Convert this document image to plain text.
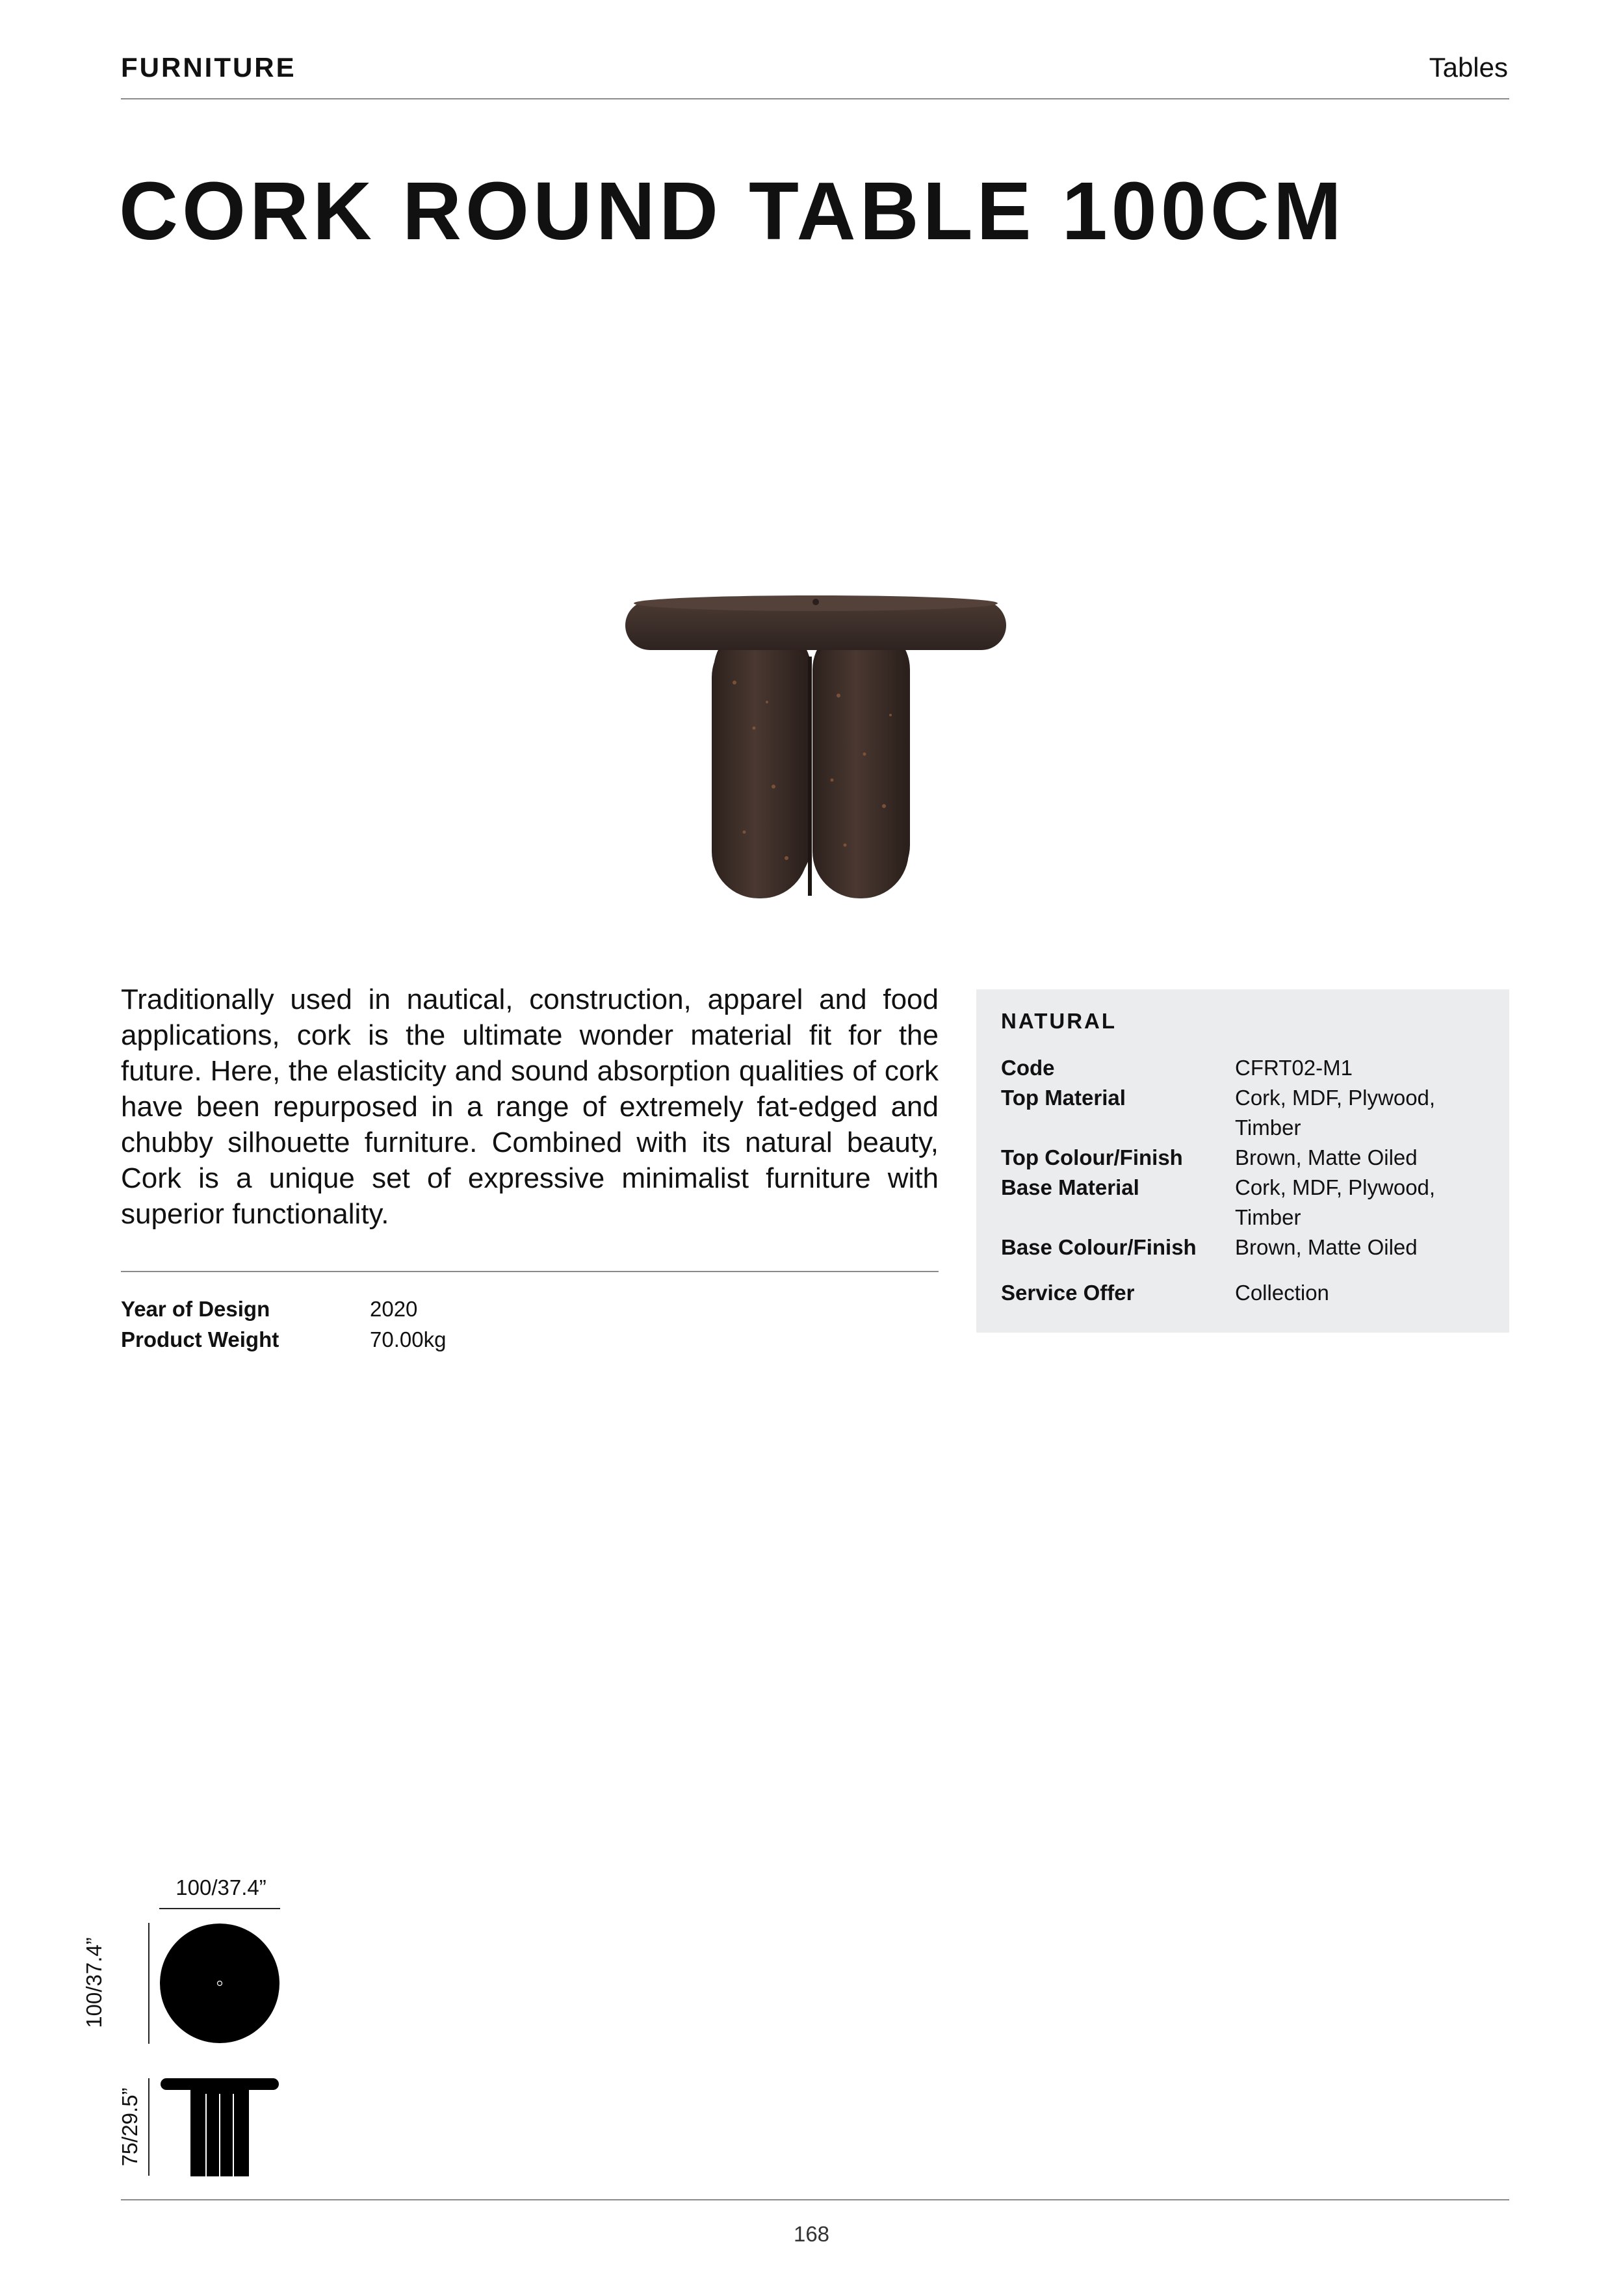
FURNITURE	Tables
CORK ROUND TABLE 100CM
Traditionally used in nautical, construction, apparel and food applications, cork is the ultimate wonder material fit for the future. Here, the elasticity and sound absorption qualities of cork have been repurposed in a range of extremely fat-edged and chubby silhouette furniture. Combined with its natural beauty, Cork is a unique set of expressive minimalist furniture with superior functionality.
Year of Design	2020
Product Weight	70.00kg
NATURAL
Code	CFRT02-M1
Top Material	Cork, MDF, Plywood, Timber
Top Colour/Finish	Brown, Matte Oiled
Base Material	Cork, MDF, Plywood, Timber
Base Colour/Finish	Brown, Matte Oiled
Service Offer	Collection
100/37.4”
100/37.4”
75/29.5”
168
